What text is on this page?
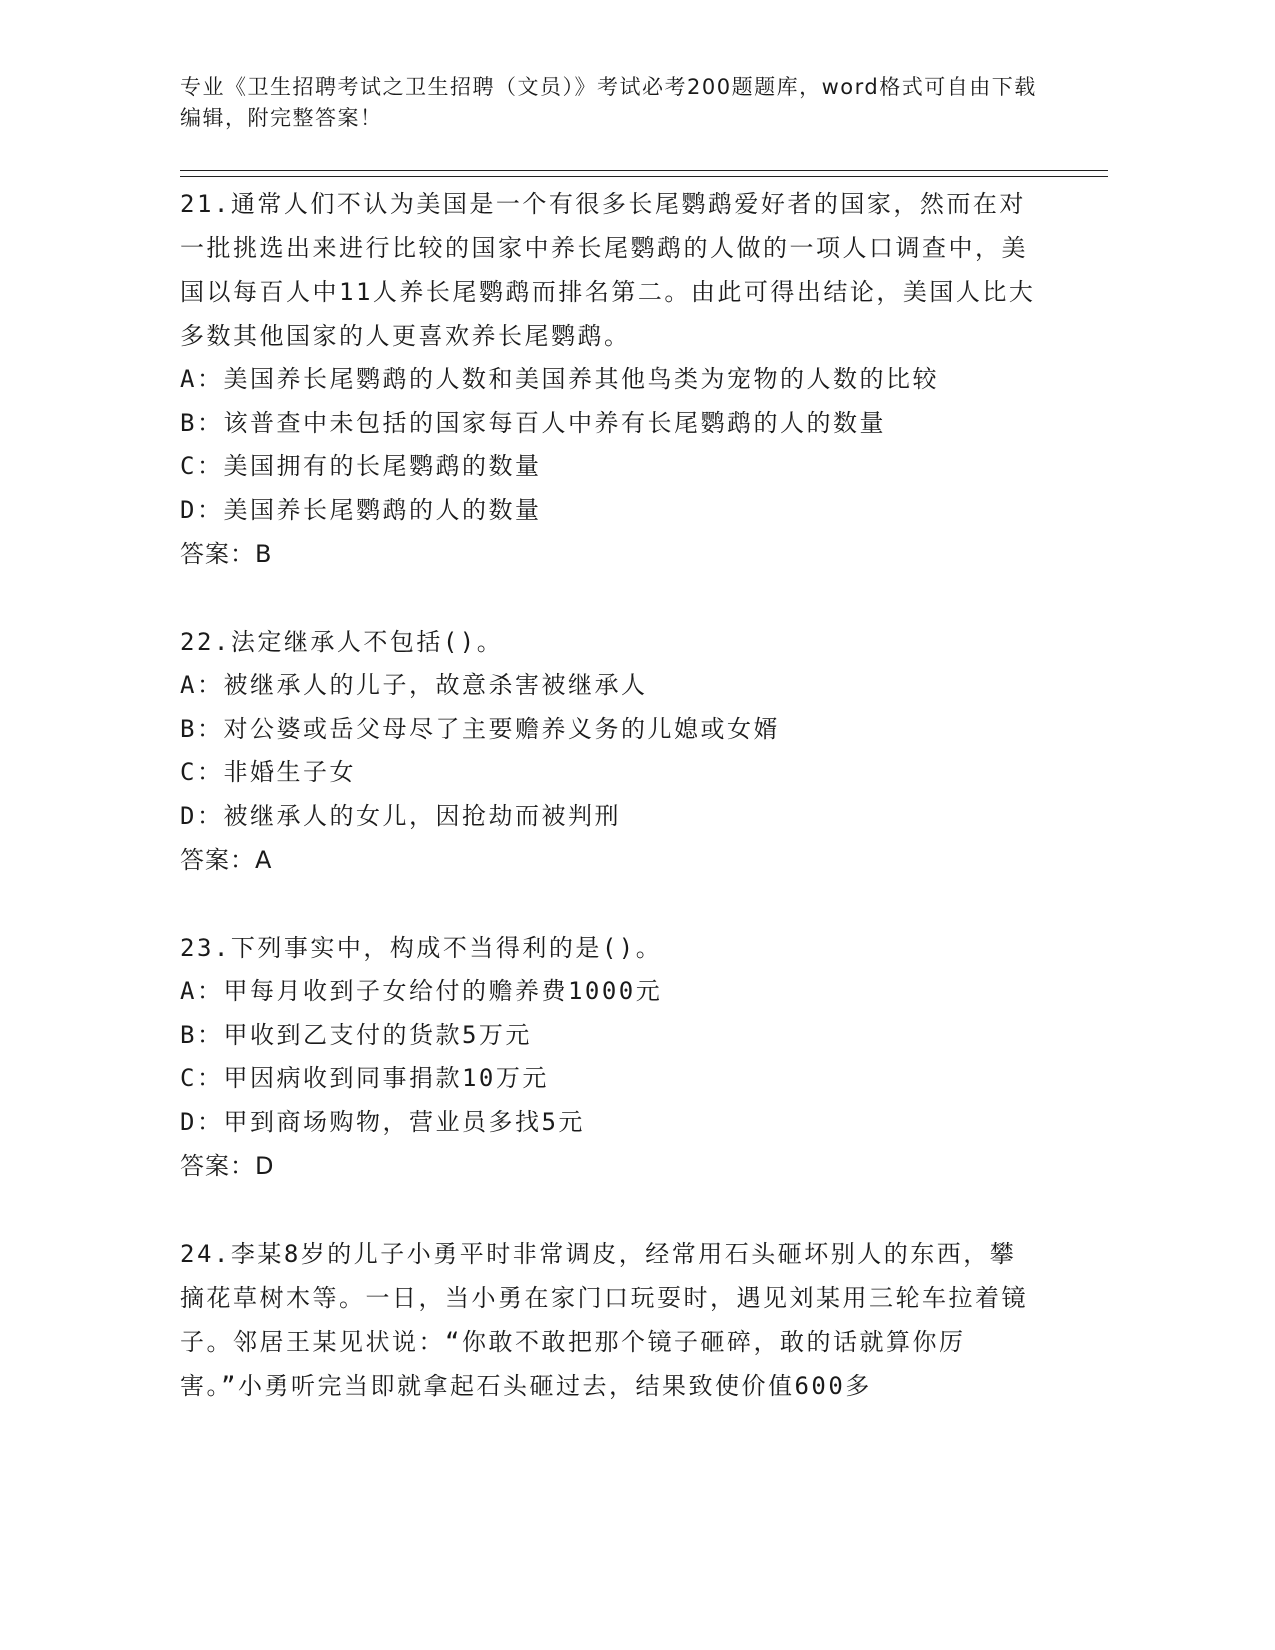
专业《卫生招聘考试之卫生招聘（文员）》考试必考200题题库，word格式可自由下载编辑，附完整答案！
21.通常人们不认为美国是一个有很多长尾鹦鹉爱好者的国家，然而在对一批挑选出来进行比较的国家中养长尾鹦鹉的人做的一项人口调查中，美国以每百人中11人养长尾鹦鹉而排名第二。由此可得出结论，美国人比大多数其他国家的人更喜欢养长尾鹦鹉。
A：美国养长尾鹦鹉的人数和美国养其他鸟类为宠物的人数的比较
B：该普查中未包括的国家每百人中养有长尾鹦鹉的人的数量
C：美国拥有的长尾鹦鹉的数量
D：美国养长尾鹦鹉的人的数量
答案：B
22.法定继承人不包括()。
A：被继承人的儿子，故意杀害被继承人
B：对公婆或岳父母尽了主要赡养义务的儿媳或女婿
C：非婚生子女
D：被继承人的女儿，因抢劫而被判刑
答案：A
23.下列事实中，构成不当得利的是()。
A：甲每月收到子女给付的赡养费1000元
B：甲收到乙支付的货款5万元
C：甲因病收到同事捐款10万元
D：甲到商场购物，营业员多找5元
答案：D
24.李某8岁的儿子小勇平时非常调皮，经常用石头砸坏别人的东西，攀摘花草树木等。一日，当小勇在家门口玩耍时，遇见刘某用三轮车拉着镜子。邻居王某见状说：“你敢不敢把那个镜子砸碎，敢的话就算你厉害。”小勇听完当即就拿起石头砸过去，结果致使价值600多
